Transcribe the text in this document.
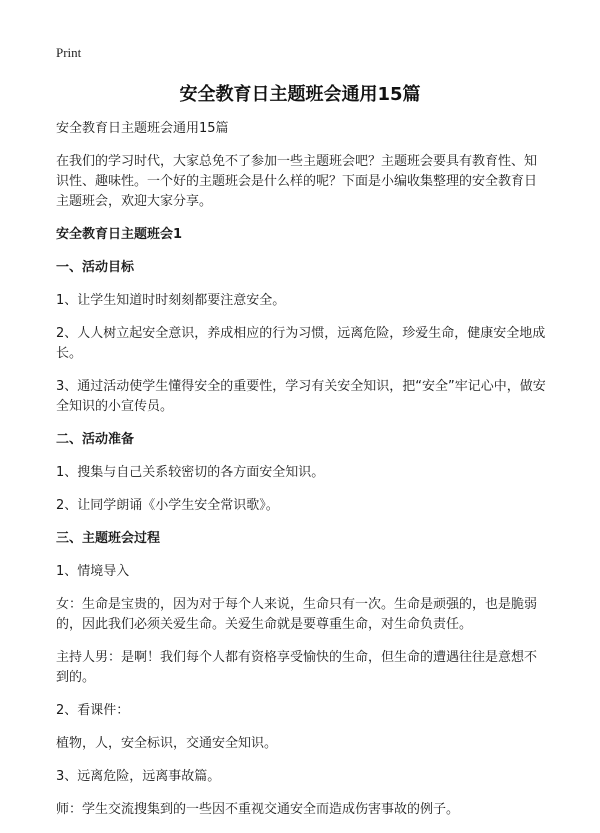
Print
安全教育日主题班会通用15篇
安全教育日主题班会通用15篇
在我们的学习时代，大家总免不了参加一些主题班会吧？主题班会要具有教育性、知识性、趣味性。一个好的主题班会是什么样的呢？下面是小编收集整理的安全教育日主题班会，欢迎大家分享。
安全教育日主题班会1
一、活动目标
1、让学生知道时时刻刻都要注意安全。
2、人人树立起安全意识，养成相应的行为习惯，远离危险，珍爱生命，健康安全地成长。
3、通过活动使学生懂得安全的重要性，学习有关安全知识，把“安全”牢记心中，做安全知识的小宣传员。
二、活动准备
1、搜集与自己关系较密切的各方面安全知识。
2、让同学朗诵《小学生安全常识歌》。
三、主题班会过程
1、情境导入
女：生命是宝贵的，因为对于每个人来说，生命只有一次。生命是顽强的，也是脆弱的，因此我们必须关爱生命。关爱生命就是要尊重生命，对生命负责任。
主持人男：是啊！我们每个人都有资格享受愉快的生命，但生命的遭遇往往是意想不到的。
2、看课件：
植物，人，安全标识，交通安全知识。
3、远离危险，远离事故篇。
师：学生交流搜集到的一些因不重视交通安全而造成伤害事故的例子。
